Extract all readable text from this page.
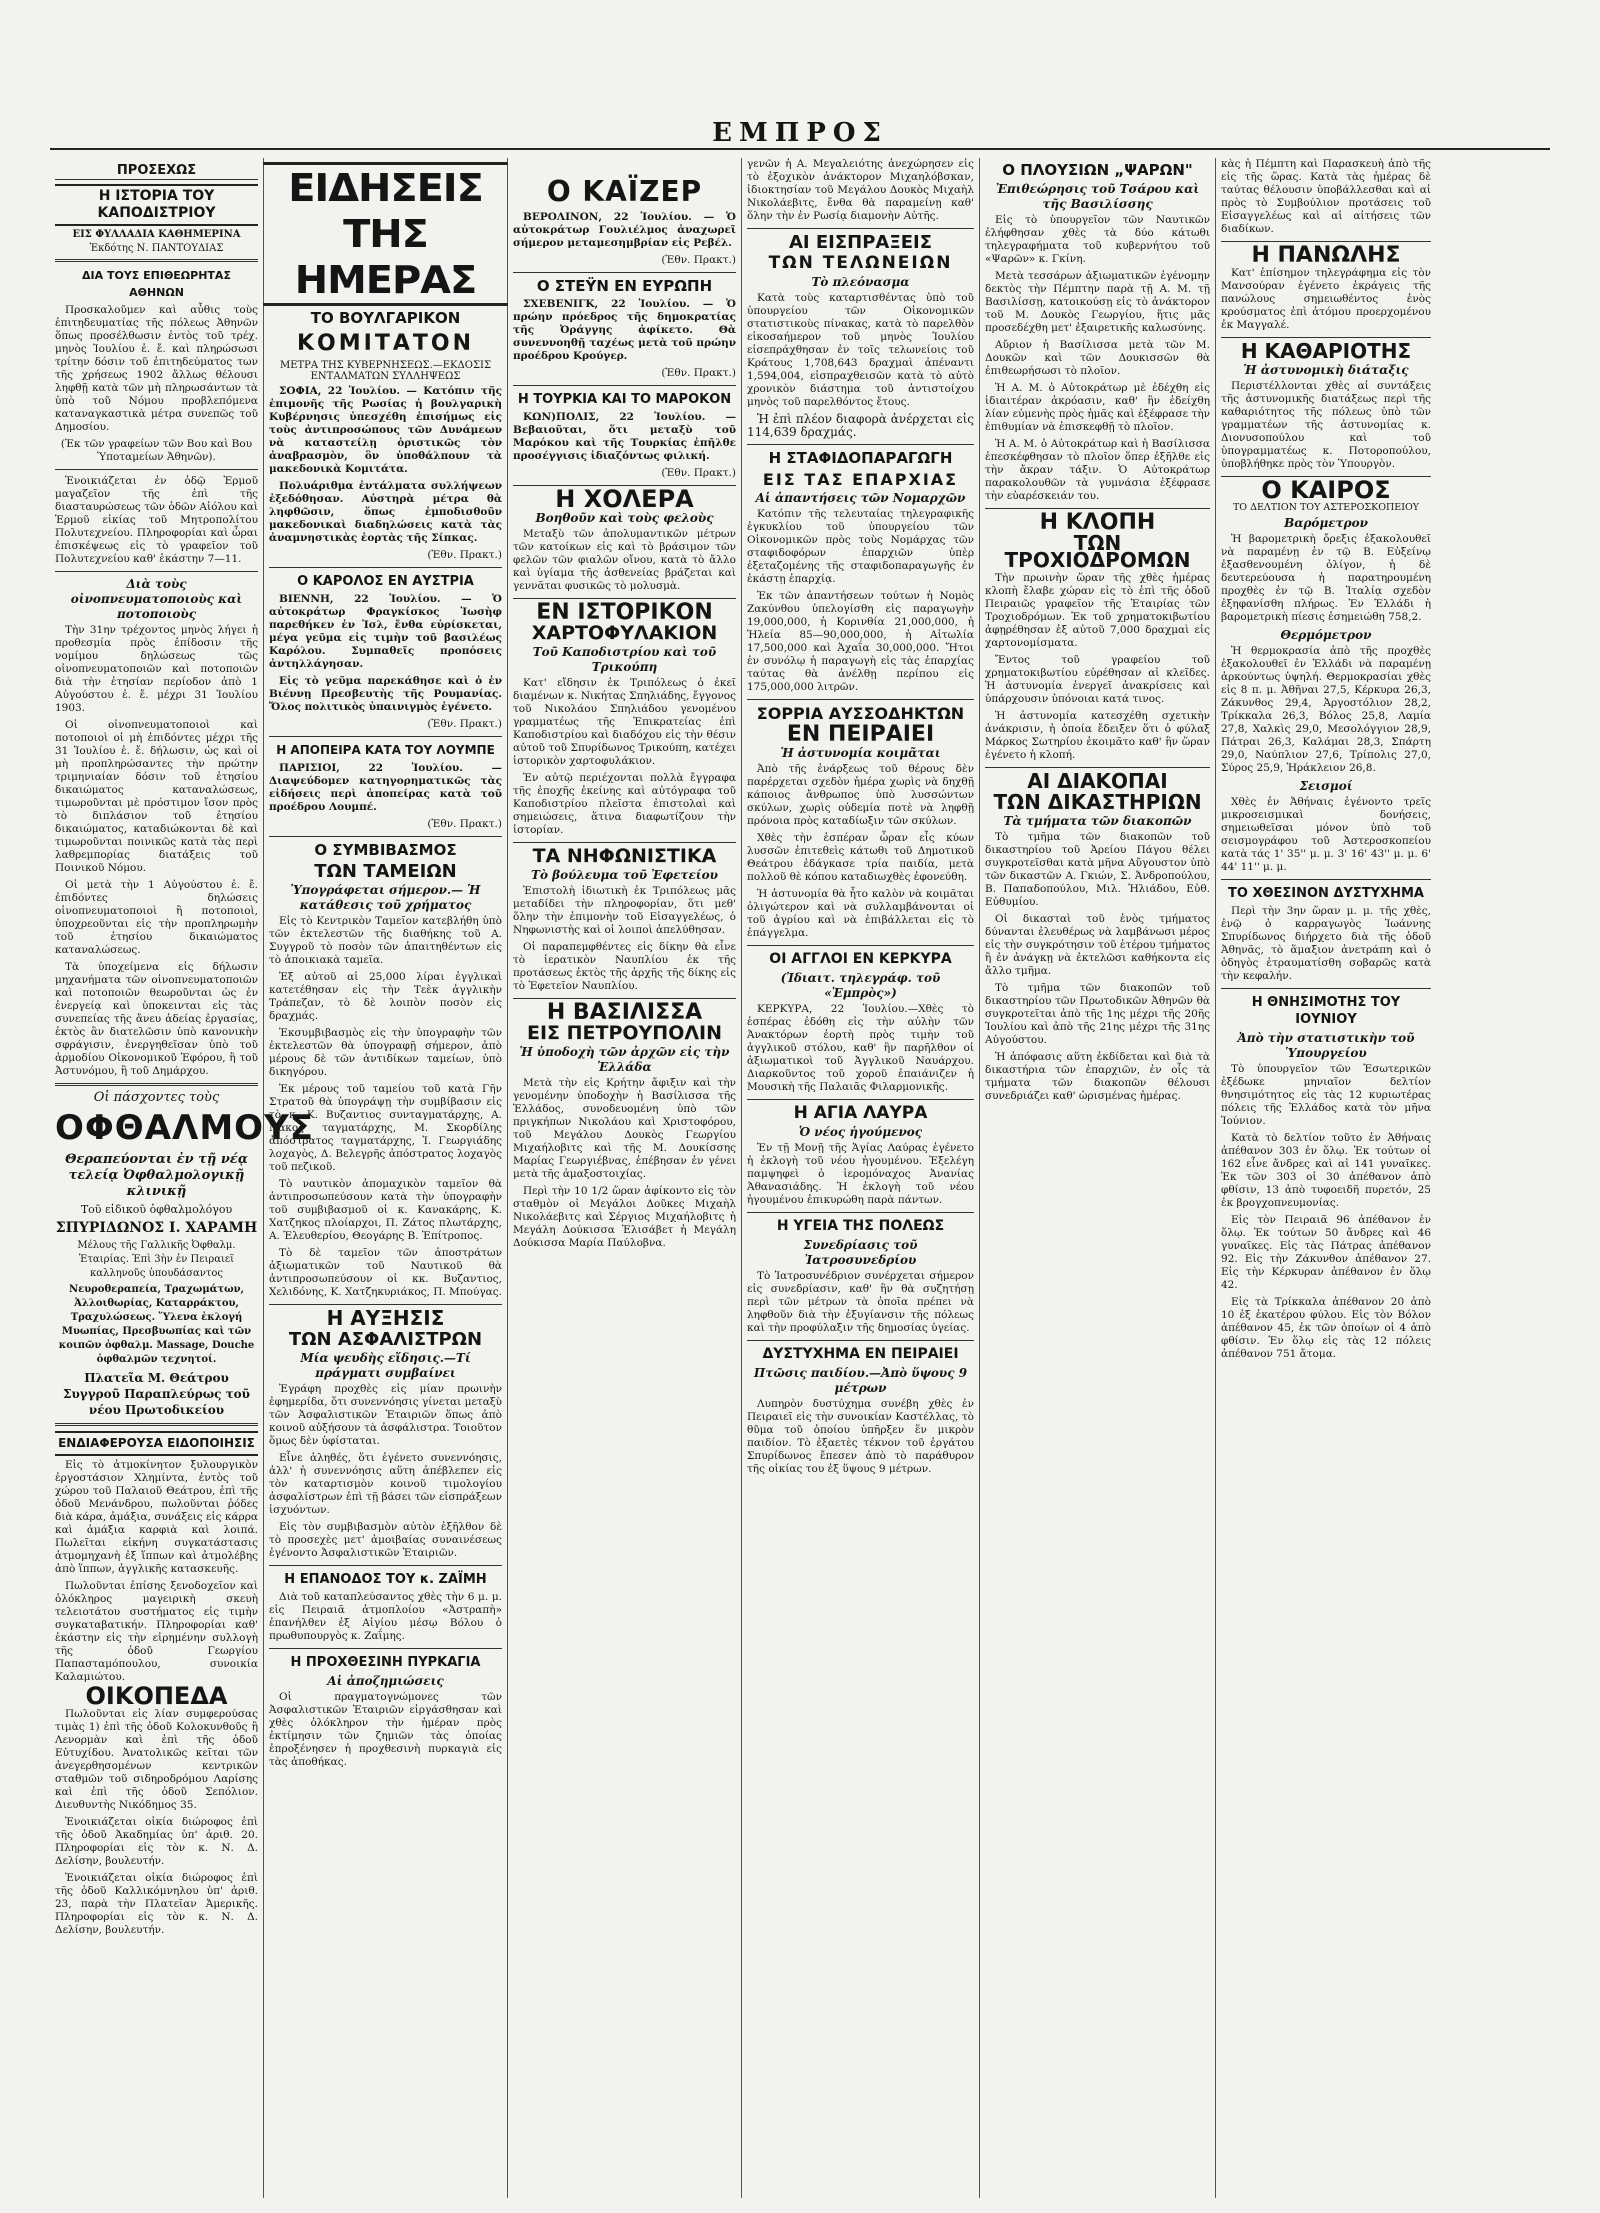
ΕΜΠΡΟΣ
ΠΡΟΣΕΧΩΣ
Η ΙΣΤΟΡΙΑ ΤΟΥ ΚΑΠΟΔΙΣΤΡΙΟΥ
ΕΙΣ ΦΥΛΛΑΔΙΑ ΚΑΘΗΜΕΡΙΝΑ
Ἐκδότης Ν. ΠΑΝΤΟΥΔΙΑΣ
ΔΙΑ ΤΟΥΣ ΕΠΙΘΕΩΡΗΤΑΣ ΑΘΗΝΩΝ

Προσκαλοῦμεν καὶ αὖθις τοὺς ἐπιτηδευματίας τῆς πόλεως Ἀθηνῶν ὅπως προσέλθωσιν ἐντὸς τοῦ τρέχ. μηνὸς Ἰουλίου ἐ. ἔ. καὶ πληρώσωσι τρίτην δόσιν τοῦ ἐπιτηδεύματος των τῆς χρήσεως 1902 ἄλλως θέλουσι ληφθῇ κατὰ τῶν μὴ πληρωσάντων τὰ ὑπὸ τοῦ Νόμου προβλεπόμενα καταναγκαστικὰ μέτρα συνεπῶς τοῦ Δημοσίου.

(Ἐκ τῶν γραφείων τῶν Βου καὶ Βου Ὑποταμείων Ἀθηνῶν).

Ἐνοικιάζεται ἐν ὁδῷ Ἑρμοῦ μαγαζεῖον τῆς ἐπὶ τῆς διασταυρώσεως τῶν ὁδῶν Αἰόλου καὶ Ἑρμοῦ εἰκίας τοῦ Μητροπολίτου Πολυτεχνείου. Πληροφορίαι καὶ ὧραι ἐπισκέψεως εἰς τὸ γραφεῖον τοῦ Πολυτεχνείου καθ' ἑκάστην 7—11.

Διὰ τοὺς οἰνοπνευματοποιοὺς καὶ ποτοποιοὺς

Τὴν 31ην τρέχοντος μηνὸς λήγει ἡ προθεσμία πρὸς ἐπίδοσιν τῆς νομίμου δηλώσεως τῶς οἰνοπνευματοποιῶν καὶ ποτοποιῶν διὰ τὴν ἐτησίαν περίοδον ἀπὸ 1 Αὐγούστου ἐ. ἔ. μέχρι 31 Ἰουλίου 1903.

Οἱ οἰνοπνευματοποιοὶ καὶ ποτοποιοὶ οἱ μὴ ἐπιδόντες μέχρι τῆς 31 Ἰουλίου ἐ. ἔ. δήλωσιν, ὡς καὶ οἱ μὴ προπληρώσαντες τὴν πρώτην τριμηνιαίαν δόσιν τοῦ ἐτησίου δικαιώματος καταναλώσεως, τιμωροῦνται μὲ πρόστιμον ἴσον πρὸς τὸ διπλάσιον τοῦ ἐτησίου δικαιώματος, καταδιώκονται δὲ καὶ τιμωροῦνται ποινικῶς κατὰ τὰς περὶ λαθρεμπορίας διατάξεις τοῦ Ποινικοῦ Νόμου.

Οἱ μετὰ τὴν 1 Αὐγούστου ἐ. ἔ. ἐπιδόντες δηλώσεις οἰνοπνευματοποιοὶ ἢ ποτοποιοὶ, ὑποχρεοῦνται εἰς τὴν προπληρωμὴν τοῦ ἐτησίου δικαιώματος καταναλώσεως.

Τὰ ὑποχείμενα εἰς δήλωσιν μηχανήματα τῶν οἰνοπνευματοποιῶν καὶ ποτοποιῶν θεωροῦνται ὡς ἐν ἐνεργείᾳ καὶ ὑποκεινται εἰς τὰς συνεπείας τῆς ἄνευ ἀδείας ἐργασίας, ἐκτὸς ἂν διατελῶσιν ὑπὸ κανονικὴν σφράγισιν, ἐνεργηθεῖσαν ὑπὸ τοῦ ἁρμοδίου Οἰκονομικοῦ Ἐφόρου, ἢ τοῦ Ἀστυνόμου, ἢ τοῦ Δημάρχου.

Οἱ πάσχοντες τοὺς
ΟΦΘΑΛΜΟΥΣ
Θεραπεύονται ἐν τῇ νέᾳ τελείᾳ Ὀφθαλμολογικῇ κλινικῇ
Τοῦ εἰδικοῦ ὀφθαλμολόγου
ΣΠΥΡΙΔΩΝΟΣ Ι. ΧΑΡΑΜΗ
Μέλους τῆς Γαλλικῆς Ὀφθαλμ. Ἑταιρίας. Ἐπὶ 3ὴν ἐν Πειραιεῖ καλληνοῦς ὑπουδάσαντος
Νευροθεραπεία, Τραχωμάτων, Ἀλλοιθωρίας, Καταρράκτου, Τραχυλώσεως. Ὕλενα ἐκλογή Μυωπίας, Πρεσβυωπίας καὶ τῶν κοιπῶν ὀφθαλμ. Massage, Douche ὀφθαλμῶν τεχνητοί.
Πλατεῖα Μ. Θεάτρου Συγγροῦ Παραπλεύρως τοῦ νέου Πρωτοδικείου
ΕΝΔΙΑΦΕΡΟΥΣΑ ΕΙΔΟΠΟΙΗΣΙΣ

Εἰς τὸ ἀτμοκίνητον ξυλουργικὸν ἐργοστάσιον Χλημίντα, ἐντὸς τοῦ χώρου τοῦ Παλαιοῦ Θεάτρου, ἐπὶ τῆς ὁδοῦ Μενάνδρου, πωλοῦνται ῥόδες διὰ κάρα, ἀμάξια, συνάξεις εἰς κάρρα καὶ ἀμάξια καρφιὰ καὶ λοιπά. Πωλεῖται εἰκήνη συγκατάστασις ἀτμομηχανὴ ἐξ ἵππων καὶ ἀτμολέβης ἀπὸ ἵππων, ἀγγλικῆς κατασκευῆς.

Πωλοῦνται ἐπίσης ξενοδοχεῖον καὶ ὁλόκληρος μαγειρικὴ σκευὴ τελειοτάτου συστήματος εἰς τιμὴν συγκαταβατικήν. Πληροφορίαι καθ' ἑκάστην εἰς τὴν εἰρημένην συλλογὴ τῆς ὁδοῦ Γεωργίου Παπασταμόπουλου, συνοικία Καλαμιώτου.

ΟΙΚΟΠΕΔΑ

Πωλοῦνται εἰς λίαν συμφερούσας τιμὰς 1) ἐπὶ τῆς ὁδοῦ Κολοκυνθοῦς ἢ Λενορμὰν καὶ ἐπὶ τῆς ὁδοῦ Εὐτυχίδου. Ἀνατολικῶς κεῖται τῶν ἀνεγερθησομένων κεντρικῶν σταθμῶν τοῦ σιδηροδρόμου Λαρίσης καὶ ἐπὶ τῆς ὁδοῦ Σεπόλιον. Διευθυντὴς Νικόδημος 35.

Ἐνοικιάζεται οἰκία διώροφος ἐπὶ τῆς ὁδοῦ Ἀκαδημίας ὑπ' ἀριθ. 20. Πληροφορίαι εἰς τὸν κ. Ν. Δ. Δελίσην, βουλευτήν.

Ἐνοικιάζεται οἰκία διώροφος ἐπὶ τῆς ὁδοῦ Καλλικόμνηλου ὑπ' ἀριθ. 23, παρὰ τὴν Πλατεῖαν Ἀμερικῆς. Πληροφορίαι εἰς τὸν κ. Ν. Δ. Δελίσην, βουλευτήν.

ΕΙΔΗΣΕΙΣ ΤΗΣ ΗΜΕΡΑΣ
ΤΟ ΒΟΥΛΓΑΡΙΚΟΝ
ΚΟΜΙΤΑΤΟΝ
ΜΕΤΡΑ ΤΗΣ ΚΥΒΕΡΝΗΣΕΩΣ.—ΕΚΔΟΣΙΣ ΕΝΤΑΛΜΑΤΩΝ ΣΥΛΛΗΨΕΩΣ

ΣΟΦΙΑ, 22 Ἰουλίου. — Κατόπιν τῆς ἐπιμονῆς τῆς Ρωσίας ἡ βουλγαρικὴ Κυβέρνησις ὑπεσχέθη ἐπισήμως εἰς τοὺς ἀντιπροσώπους τῶν Δυνάμεων νὰ καταστείλῃ ὁριστικῶς τὸν ἀναβρασμὸν, ὃν ὑποθάλπουν τὰ μακεδονικὰ Κομιτάτα.

Πολυάριθμα ἐντάλματα συλλήψεων ἐξεδόθησαν. Αὐστηρὰ μέτρα θὰ ληφθῶσιν, ὅπως ἐμποδισθοῦν μακεδονικαὶ διαδηλώσεις κατὰ τὰς ἀναμνηστικὰς ἑορτὰς τῆς Σίπκας.

(Ἐθν. Πρακτ.)

Ο ΚΑΡΟΛΟΣ ΕΝ ΑΥΣΤΡΙΑ

ΒΙΕΝΝΗ, 22 Ἰουλίου. — Ὁ αὐτοκράτωρ Φραγκίσκος Ἰωσὴφ παρεθήκεν ἐν Ἰσλ, ἔνθα εὑρίσκεται, μέγα γεῦμα εἰς τιμὴν τοῦ βασιλέως Καρόλου. Συμπαθεῖς προπόσεις ἀντηλλάγησαν.

Εἰς τὸ γεῦμα παρεκάθησε καὶ ὁ ἐν Βιέννῃ Πρεσβευτὴς τῆς Ρουμανίας. Ὅλος πολιτικὸς ὑπαινιγμὸς ἐγένετο.

(Ἐθν. Πρακτ.)

Η ΑΠΟΠΕΙΡΑ ΚΑΤΑ ΤΟΥ ΛΟΥΜΠΕ

ΠΑΡΙΣΙΟΙ, 22 Ἰουλίου. —Διαψεύδομεν κατηγορηματικῶς τὰς εἰδήσεις περὶ ἀποπείρας κατὰ τοῦ προέδρου Λουμπέ.

(Ἐθν. Πρακτ.)

Ο ΣΥΜΒΙΒΑΣΜΟΣ
ΤΩΝ ΤΑΜΕΙΩΝ
Ὑπογράφεται σήμερον.— Ἡ κατάθεσις τοῦ χρήματος

Εἰς τὸ Κεντρικὸν Ταμεῖον κατεβλήθη ὑπὸ τῶν ἐκτελεστῶν τῆς διαθήκης τοῦ Α. Συγγροῦ τὸ ποσὸν τῶν ἀπαιτηθέντων εἰς τὸ ἀποικιακὰ ταμεῖα.

Ἐξ αὐτοῦ αἱ 25,000 λίραι ἐγγλικαὶ κατετέθησαν εἰς τὴν Τεὲκ ἀγγλικὴν Τράπεζαν, τὸ δὲ λοιπὸν ποσὸν εἰς δραχμάς.

Ἐκσυμβιβασμὸς εἰς τὴν ὑπογραφὴν τῶν ἐκτελεστῶν θὰ ὑπογραφῇ σήμερον, ἀπὸ μέρους δὲ τῶν ἀντιδίκων ταμείων, ὑπὸ δικηγόρου.

Ἐκ μέρους τοῦ ταμείου τοῦ κατὰ Γῆν Στρατοῦ θὰ ὑπογράψῃ τὴν συμβίβασιν εἰς τὸ κ. Κ. Βυζαντιος συνταγματάρχης, Α. Νάκος ταγματάρχης, Μ. Σκορδίλης ἀπόστρατος ταγματάρχης, Ἰ. Γεωργιάδης λοχαγὸς, Δ. Βελεγρῆς ἀπόστρατος λοχαγὸς τοῦ πεζικοῦ.

Τὸ ναυτικὸν ἀπομαχικὸν ταμεῖον θὰ ἀντιπροσωπεύσουν κατὰ τὴν ὑπογραφὴν τοῦ συμβιβασμοῦ οἱ κ. Κανακάρης, Κ. Χατζηκος πλοίαρχοι, Π. Ζάτος πλωτάρχης, Α. Ἐλευθερίου, Θεογάρης Β. Ἐπίτροπος.

Τὸ δὲ ταμεῖον τῶν ἀποστράτων ἀξιωματικῶν τοῦ Ναυτικοῦ θὰ ἀντιπροσωπεύσουν οἱ κκ. Βυζαντιος, Χελιδόνης, Κ. Χατζηκυριάκος, Π. Μπούγας.

Η ΑΥΞΗΣΙΣ
ΤΩΝ ΑΣΦΑΛΙΣΤΡΩΝ
Μία ψευδὴς εἴδησις.—Τί πράγματι συμβαίνει

Ἐγράφη προχθὲς εἰς μίαν πρωινὴν ἐφημερίδα, ὅτι συνεννόησις γίνεται μεταξὺ τῶν Ἀσφαλιστικῶν Ἑταιριῶν ὅπως ἀπὸ κοινοῦ αὐξήσουν τὰ ἀσφάλιστρα. Τοιοῦτον ὅμως δὲν ὑφίσταται.

Εἶνε ἀληθές, ὅτι ἐγένετο συνεννόησις, ἀλλ' ἡ συνεννόησις αὕτη ἀπέβλεπεν εἰς τὸν καταρτισμὸν κοινοῦ τιμολογίου ἀσφαλίστρων ἐπὶ τῇ βάσει τῶν εἰσπράξεων ἰσχυόντων.

Εἰς τὸν συμβιβασμὸν αὐτὸν ἐξῆλθον δὲ τὸ προσεχὲς μετ' ἀμοιβαίας συναινέσεως ἐγένοντο Ἀσφαλιστικῶν Ἑταιριῶν.

Η ΕΠΑΝΟΔΟΣ ΤΟΥ κ. ΖΑΪΜΗ

Διὰ τοῦ καταπλεύσαντος χθὲς τὴν 6 μ. μ. εἰς Πειραιᾶ ἀτμοπλοίου «Ἀστραπὴ» ἐπανήλθεν ἐξ Αἰγίου μέσῳ Βόλου ὁ πρωθυπουργὸς κ. Ζαΐμης.

Η ΠΡΟΧΘΕΣΙΝΗ ΠΥΡΚΑΓΙΑ
Αἱ ἀποζημιώσεις

Οἱ πραγματογνώμονες τῶν Ἀσφαλιστικῶν Ἑταιριῶν εἰργάσθησαν καὶ χθὲς ὁλόκληρον τὴν ἡμέραν πρὸς ἐκτίμησιν τῶν ζημιῶν τὰς ὁποίας ἐπροξένησεν ἡ προχθεσινὴ πυρκαγιὰ εἰς τὰς ἀποθήκας.

Ο ΚΑΪΖΕΡ

ΒΕΡΟΛΙΝΟΝ, 22 Ἰουλίου. — Ὁ αὐτοκράτωρ Γουλιέλμος ἀναχωρεῖ σήμερον μεταμεσημβρίαν εἰς Ρεβέλ.

(Ἐθν. Πρακτ.)

Ο ΣΤΕΫΝ ΕΝ ΕΥΡΩΠΗ

ΣΧΕΒΕΝΙΓΚ, 22 Ἰουλίου. — Ὁ πρώην πρόεδρος τῆς δημοκρατίας τῆς Ὀράγγης ἀφίκετο. Θὰ συνεννοηθῇ ταχέως μετὰ τοῦ πρώην προέδρου Κρούγερ.

(Ἐθν. Πρακτ.)

Η ΤΟΥΡΚΙΑ ΚΑΙ ΤΟ ΜΑΡΟΚΟΝ

ΚΩΝ)ΠΟΛΙΣ, 22 Ἰουλίου. — Βεβαιοῦται, ὅτι μεταξὺ τοῦ Μαρόκου καὶ τῆς Τουρκίας ἐπῆλθε προσέγγισις ἰδιαζόντως φιλική.

(Ἐθν. Πρακτ.)

Η ΧΟΛΕΡΑ
Βοηθοῦν καὶ τοὺς φελοὺς

Μεταξὺ τῶν ἀπολυμαντικῶν μέτρων τῶν κατοίκων εἰς καὶ τὸ βράσιμον τῶν φελῶν τῶν φιαλῶν οἴνου, κατὰ τὸ ἄλλο καὶ ὑγίαμα τῆς ἀσθενείας βράζεται καὶ γεννᾶται φυσικῶς τὸ μολυσμὰ.

ΕΝ ΙΣΤΟΡΙΚΟΝ
ΧΑΡΤΟΦΥΛΑΚΙΟΝ
Τοῦ Καποδιστρίου καὶ τοῦ Τρικούπη

Κατ' εἴδησιν ἐκ Τριπόλεως ὁ ἐκεῖ διαμένων κ. Νικήτας Σπηλιάδης, ἔγγονος τοῦ Νικολάου Σπηλιάδου γενομένου γραμματέως τῆς Ἐπικρατείας ἐπὶ Καποδιστρίου καὶ διαδόχου εἰς τὴν θέσιν αὐτοῦ τοῦ Σπυρίδωνος Τρικούπη, κατέχει ἱστορικὸν χαρτοφυλάκιον.

Ἐν αὐτῷ περιέχονται πολλὰ ἔγγραφα τῆς ἐποχῆς ἐκείνης καὶ αὐτόγραφα τοῦ Καποδιστρίου πλεῖστα ἐπιστολαὶ καὶ σημειώσεις, ἅτινα διαφωτίζουν τὴν ἱστορίαν.

ΤΑ ΝΗΦΩΝΙΣΤΙΚΑ
Τὸ βούλευμα τοῦ Ἐφετείου

Ἐπιστολὴ ἰδιωτικὴ ἐκ Τριπόλεως μᾶς μεταδίδει τὴν πληροφορίαν, ὅτι μεθ' ὅλην τὴν ἐπιμονὴν τοῦ Εἰσαγγελέως, ὁ Νηφωνιστὴς καὶ οἱ λοιποὶ ἀπελύθησαν.

Οἱ παραπεμφθέντες εἰς δίκην θὰ εἶνε τὸ ἱερατικὸν Ναυπλίου ἐκ τῆς προτάσεως ἐκτὸς τῆς ἀρχῆς τῆς δίκης εἰς τὸ Ἐφετεῖον Ναυπλίου.

Η ΒΑΣΙΛΙΣΣΑ
ΕΙΣ ΠΕΤΡΟΥΠΟΛΙΝ
Ἡ ὑποδοχὴ τῶν ἀρχῶν εἰς τὴν Ἑλλάδα

Μετὰ τὴν εἰς Κρήτην ἄφιξιν καὶ τὴν γενομένην ὑποδοχὴν ἡ Βασίλισσα τῆς Ἑλλάδος, συνοδευομένη ὑπὸ τῶν πριγκήπων Νικολάου καὶ Χριστοφόρου, τοῦ Μεγάλου Δουκὸς Γεωργίου Μιχαήλοβιτς καὶ τῆς Μ. Δουκίσσης Μαρίας Γεωργιέβνας, ἐπέβησαν ἐν γένει μετὰ τῆς ἀμαξοστοιχίας.

Περὶ τὴν 10 1/2 ὥραν ἀφίκοντο εἰς τὸν σταθμὸν οἱ Μεγάλοι Δοῦκες Μιχαὴλ Νικολάεβιτς καὶ Σέργιος Μιχαήλοβιτς ἡ Μεγάλη Δούκισσα Ἐλισάβετ ἡ Μεγάλη Δούκισσα Μαρία Παύλοβνα.

γενῶν ἡ Α. Μεγαλειότης ἀνεχώρησεν εἰς τὸ ἐξοχικὸν ἀνάκτορον Μιχαηλόβσκαν, ἰδιοκτησίαν τοῦ Μεγάλου Δουκὸς Μιχαὴλ Νικολάεβιτς, ἔνθα θὰ παραμείνῃ καθ' ὅλην τὴν ἐν Ρωσίᾳ διαμονὴν Αὐτῆς.

ΑΙ ΕΙΣΠΡΑΞΕΙΣ
ΤΩΝ ΤΕΛΩΝΕΙΩΝ
Τὸ πλεόνασμα

Κατὰ τοὺς καταρτισθέντας ὑπὸ τοῦ ὑπουργείου τῶν Οἰκονομικῶν στατιστικοὺς πίνακας, κατὰ τὸ παρελθὸν εἰκοσαήμερον τοῦ μηνὸς Ἰουλίου εἰσεπράχθησαν ἐν τοῖς τελωνείοις τοῦ Κράτους 1,708,643 δραχμαὶ ἀπέναντι 1,594,004, εἰσπραχθεισῶν κατὰ τὸ αὐτὸ χρονικὸν διάστημα τοῦ ἀντιστοίχου μηνὸς τοῦ παρελθόντος ἔτους.

Ἡ ἐπὶ πλέον διαφορὰ ἀνέρχεται εἰς 114,639 δραχμάς.

Η ΣΤΑΦΙΔΟΠΑΡΑΓΩΓΗ
ΕΙΣ ΤΑΣ ΕΠΑΡΧΙΑΣ
Αἱ ἀπαντήσεις τῶν Νομαρχῶν

Κατόπιν τῆς τελευταίας τηλεγραφικῆς ἐγκυκλίου τοῦ ὑπουργείου τῶν Οἰκονομικῶν πρὸς τοὺς Νομάρχας τῶν σταφιδοφόρων ἐπαρχιῶν ὑπὲρ ἐξεταζομένης τῆς σταφιδοπαραγωγῆς ἐν ἑκάστῃ ἐπαρχίᾳ.

Ἐκ τῶν ἀπαντήσεων τούτων ἡ Νομὸς Ζακύνθου ὑπελογίσθη εἰς παραγωγὴν 19,000,000, ἡ Κορινθία 21,000,000, ἡ Ἠλεία 85—90,000,000, ἡ Αἰτωλία 17,500,000 καὶ Ἀχαΐα 30,000,000. Ἤτοι ἐν συνόλῳ ἡ παραγωγὴ εἰς τὰς ἐπαρχίας ταύτας θὰ ἀνέλθῃ περίπου εἰς 175,000,000 λιτρῶν.

ΣΟΡΡΙΑ ΑΥΣΣΟΔΗΚΤΩΝ
ΕΝ ΠΕΙΡΑΙΕΙ
Ἡ ἀστυνομία κοιμᾶται

Ἀπὸ τῆς ἐνάρξεως τοῦ θέρους δὲν παρέρχεται σχεδὸν ἡμέρα χωρὶς νὰ δηχθῇ κάποιος ἄνθρωπος ὑπὸ λυσσώντων σκύλων, χωρὶς οὐδεμία ποτὲ νὰ ληφθῇ πρόνοια πρὸς καταδίωξιν τῶν σκύλων.

Χθὲς τὴν ἑσπέραν ὧραν εἷς κύων λυσσῶν ἐπιτεθεὶς κάτωθι τοῦ Δημοτικοῦ Θεάτρου ἐδάγκασε τρία παιδία, μετὰ πολλοῦ θὲ κόπου καταδιωχθὲς ἐφονεύθη.

Ἡ ἀστυνομία θὰ ἦτο καλὸν νὰ κοιμᾶται ὀλιγώτερον καὶ νὰ συλλαμβάνονται οἱ τοῦ ἀγρίου καὶ νὰ ἐπιβάλλεται εἰς τὸ ἐπάγγελμα.

ΟΙ ΑΓΓΛΟΙ ΕΝ ΚΕΡΚΥΡΑ
(Ἰδιαιτ. τηλεγράφ. τοῦ «Ἐμπρὸς»)

ΚΕΡΚΥΡΑ, 22 Ἰουλίου.—Χθὲς τὸ ἑσπέρας ἐδόθη εἰς τὴν αὐλὴν τῶν Ἀνακτόρων ἐορτὴ πρὸς τιμὴν τοῦ ἀγγλικοῦ στόλου, καθ' ἣν παρῆλθον οἱ ἀξιωματικοὶ τοῦ Ἀγγλικοῦ Ναυάρχου. Διαρκοῦντος τοῦ χοροῦ ἐπαιάνιζεν ἡ Μουσικὴ τῆς Παλαιᾶς Φιλαρμονικῆς.

Η ΑΓΙΑ ΛΑΥΡΑ
Ὁ νέος ἡγούμενος

Ἐν τῇ Μονῇ τῆς Ἁγίας Λαύρας ἐγένετο ἡ ἐκλογὴ τοῦ νέου ἡγουμένου. Ἐξελέγη παμψηφεὶ ὁ ἱερομόναχος Ἀνανίας Ἀθανασιάδης. Ἡ ἐκλογὴ τοῦ νέου ἡγουμένου ἐπικυρώθη παρὰ πάντων.

Η ΥΓΕΙΑ ΤΗΣ ΠΟΛΕΩΣ
Συνεδρίασις τοῦ Ἰατροσυνεδρίου

Τὸ Ἰατροσυνέδριον συνέρχεται σήμερον εἰς συνεδρίασιν, καθ' ἣν θὰ συζητήσῃ περὶ τῶν μέτρων τὰ ὁποῖα πρέπει νὰ ληφθοῦν διὰ τὴν ἐξυγίανσιν τῆς πόλεως καὶ τὴν προφύλαξιν τῆς δημοσίας ὑγείας.

ΔΥΣΤΥΧΗΜΑ ΕΝ ΠΕΙΡΑΙΕΙ
Πτῶσις παιδίου.—Ἀπὸ ὕψους 9 μέτρων

Λυπηρὸν δυστύχημα συνέβη χθὲς ἐν Πειραιεῖ εἰς τὴν συνοικίαν Καστέλλας, τὸ θῦμα τοῦ ὁποίου ὑπῆρξεν ἕν μικρὸν παιδίον. Τὸ ἐξαετὲς τέκνον τοῦ ἐργάτου Σπυρίδωνος ἔπεσεν ἀπὸ τὸ παράθυρον τῆς οἰκίας του ἐξ ὕψους 9 μέτρων.

Ο ΠΛΟΥΣΙΩΝ „ΨΑΡΩΝ"
Ἐπιθεώρησις τοῦ Τσάρου καὶ τῆς Βασιλίσσης

Εἰς τὸ ὑπουργεῖον τῶν Ναυτικῶν ἐλήφθησαν χθὲς τὰ δύο κάτωθι τηλεγραφήματα τοῦ κυβερνήτου τοῦ «Ψαρῶν» κ. Γκίνη.

Μετὰ τεσσάρων ἀξιωματικῶν ἐγένομην δεκτὸς τὴν Πέμπτην παρὰ τῇ Α. Μ. τῇ Βασιλίσσῃ, κατοικούσῃ εἰς τὸ ἀνάκτορον τοῦ Μ. Δουκὸς Γεωργίου, ἥτις μᾶς προσεδέχθη μετ' ἐξαιρετικῆς καλωσύνης.

Αὔριον ἡ Βασίλισσα μετὰ τῶν Μ. Δουκῶν καὶ τῶν Δουκισσῶν θὰ ἐπιθεωρήσωσι τὸ πλοῖον.

Ἡ Α. Μ. ὁ Αὐτοκράτωρ μὲ ἐδέχθη εἰς ἰδιαιτέραν ἀκρόασιν, καθ' ἣν ἐδείχθη λίαν εὐμενὴς πρὸς ἡμᾶς καὶ ἐξέφρασε τὴν ἐπιθυμίαν νὰ ἐπισκεφθῇ τὸ πλοῖον.

Ἡ Α. Μ. ὁ Αὐτοκράτωρ καὶ ἡ Βασίλισσα ἐπεσκέφθησαν τὸ πλοῖον ὅπερ ἐξῆλθε εἰς τὴν ἄκραν τάξιν. Ὁ Αὐτοκράτωρ παρακολουθῶν τὰ γυμνάσια ἐξέφρασε τὴν εὐαρέσκειάν του.

Η ΚΛΟΠΗ
ΤΩΝ ΤΡΟΧΙΟΔΡΟΜΩΝ

Τὴν πρωινὴν ὥραν τῆς χθὲς ἡμέρας κλοπὴ ἔλαβε χώραν εἰς τὸ ἐπὶ τῆς ὁδοῦ Πειραιῶς γραφεῖον τῆς Ἑταιρίας τῶν Τροχιοδρόμων. Ἐκ τοῦ χρηματοκιβωτίου ἀφῃρέθησαν ἐξ αὐτοῦ 7,000 δραχμαὶ εἰς χαρτονομίσματα.

Ἔντος τοῦ γραφείου τοῦ χρηματοκιβωτίου εὑρέθησαν αἱ κλεῖδες. Ἡ ἀστυνομία ἐνεργεῖ ἀνακρίσεις καὶ ὑπάρχουσιν ὑπόνοιαι κατά τινος.

Ἡ ἀστυνομία κατεσχέθη σχετικὴν ἀνάκρισιν, ἡ ὁποία ἔδειξεν ὅτι ὁ φύλαξ Μάρκος Σωτηρίου ἐκοιμᾶτο καθ' ἣν ὥραν ἐγένετο ἡ κλοπή.

ΑΙ ΔΙΑΚΟΠΑΙ
ΤΩΝ ΔΙΚΑΣΤΗΡΙΩΝ
Τὰ τμήματα τῶν διακοπῶν

Τὸ τμῆμα τῶν διακοπῶν τοῦ δικαστηρίου τοῦ Ἀρείου Πάγου θέλει συγκροτεῖσθαι κατὰ μῆνα Αὔγουστον ὑπὸ τῶν δικαστῶν Α. Γκιών, Σ. Ἀνδροπούλου, Β. Παπαδοπούλου, Μιλ. Ἠλιάδου, Εὐθ. Εὐθυμίου.

Οἱ δικασταὶ τοῦ ἑνὸς τμήματος δύνανται ἐλευθέρως νὰ λαμβάνωσι μέρος εἰς τὴν συγκρότησιν τοῦ ἑτέρου τμήματος ἢ ἐν ἀνάγκῃ νὰ ἐκτελῶσι καθήκοντα εἰς ἄλλο τμῆμα.

Τὸ τμῆμα τῶν διακοπῶν τοῦ δικαστηρίου τῶν Πρωτοδικῶν Ἀθηνῶν θὰ συγκροτεῖται ἀπὸ τῆς 1ης μέχρι τῆς 20ῆς Ἰουλίου καὶ ἀπὸ τῆς 21ης μέχρι τῆς 31ης Αὐγούστου.

Ἡ ἀπόφασις αὕτη ἐκδίδεται καὶ διὰ τὰ δικαστήρια τῶν ἐπαρχιῶν, ἐν οἷς τὰ τμήματα τῶν διακοπῶν θέλουσι συνεδριάζει καθ' ὡρισμένας ἡμέρας.

κὰς ἡ Πέμπτη καὶ Παρασκευὴ ἀπὸ τῆς εἰς τῆς ὥρας. Κατὰ τὰς ἡμέρας δὲ ταύτας θέλουσιν ὑποβάλλεσθαι καὶ αἱ πρὸς τὸ Συμβούλιον προτάσεις τοῦ Εἰσαγγελέως καὶ αἱ αἰτήσεις τῶν διαδίκων.

Η ΠΑΝΩΛΗΣ

Κατ' ἐπίσημον τηλεγράφημα εἰς τὸν Μανσούραν ἐγένετο ἐκράγεις τῆς πανώλους σημειωθέντος ἑνὸς κρούσματος ἐπὶ ἀτόμου προερχομένου ἐκ Μαγγαλέ.

Η ΚΑΘΑΡΙΟΤΗΣ
Ἡ ἀστυνομικὴ διάταξις

Περιστέλλονται χθὲς αἱ συντάξεις τῆς ἀστυνομικῆς διατάξεως περὶ τῆς καθαριότητος τῆς πόλεως ὑπὸ τῶν γραμματέων τῆς ἀστυνομίας κ. Διονυσοπούλου καὶ τοῦ ὑπογραμματέως κ. Ποτοροπούλου, ὑποβλήθηκε πρὸς τὸν Ὑπουργὸν.

Ο ΚΑΙΡΟΣ
ΤΟ ΔΕΛΤΙΟΝ ΤΟΥ ΑΣΤΕΡΟΣΚΟΠΕΙΟΥ
Βαρόμετρον

Ἡ βαρομετρικὴ ὄρεξις ἐξακολουθεῖ νὰ παραμένῃ ἐν τῷ Β. Εὐξείνῳ ἐξασθενουμένη ὀλίγον, ἡ δὲ δευτερεύουσα ἡ παρατηρουμένη προχθὲς ἐν τῷ Β. Ἰταλίᾳ σχεδὸν ἐξηφανίσθη πλήρως. Ἐν Ἑλλάδι ἡ βαρομετρικὴ πίεσις ἐσημειώθη 758,2.

Θερμόμετρον

Ἡ θερμοκρασία ἀπὸ τῆς προχθὲς ἐξακολουθεῖ ἐν Ἑλλάδι νὰ παραμένῃ ἀρκούντως ὑψηλή. Θερμοκρασίαι χθὲς εἰς 8 π. μ. Ἀθῆναι 27,5, Κέρκυρα 26,3, Ζάκυνθος 29,4, Ἀργοστόλιον 28,2, Τρίκκαλα 26,3, Βόλος 25,8, Λαμία 27,8, Χαλκὶς 29,0, Μεσολόγγιον 28,9, Πάτραι 26,3, Καλάμαι 28,3, Σπάρτη 29,0, Ναύπλιον 27,6, Τρίπολις 27,0, Σύρος 25,9, Ἡράκλειον 26,8.

Σεισμοί

Χθὲς ἐν Ἀθήναις ἐγένοντο τρεῖς μικροσεισμικαὶ δονήσεις, σημειωθεῖσαι μόνον ὑπὸ τοῦ σεισμογράφου τοῦ Ἀστεροσκοπείου κατὰ τάς 1' 35'' μ. μ. 3' 16' 43'' μ. μ. 6' 44' 11'' μ. μ.

ΤΟ ΧΘΕΣΙΝΟΝ ΔΥΣΤΥΧΗΜΑ

Περὶ τὴν 3ην ὥραν μ. μ. τῆς χθὲς, ἐνῷ ὁ καρραγωγὸς Ἰωάννης Σπυρίδωνος διήρχετο διὰ τῆς ὁδοῦ Ἀθηνᾶς, τὸ ἅμαξιον ἀνετράπη καὶ ὁ ὁδηγὸς ἐτραυματίσθη σοβαρῶς κατὰ τὴν κεφαλήν.

Η ΘΝΗΣΙΜΟΤΗΣ ΤΟΥ ΙΟΥΝΙΟΥ
Ἀπὸ τὴν στατιστικὴν τοῦ Ὑπουργείου

Τὸ ὑπουργεῖον τῶν Ἐσωτερικῶν ἐξέδωκε μηνιαῖον δελτίον θνησιμότητος εἰς τὰς 12 κυριωτέρας πόλεις τῆς Ἑλλάδος κατὰ τὸν μῆνα Ἰούνιον.

Κατὰ τὸ δελτίον τοῦτο ἐν Ἀθήναις ἀπέθανον 303 ἐν ὅλῳ. Ἐκ τούτων οἱ 162 εἶνε ἄνδρες καὶ αἱ 141 γυναῖκες. Ἐκ τῶν 303 οἱ 30 ἀπέθανον ἀπὸ φθίσιν, 13 ἀπὸ τυφοειδῆ πυρετόν, 25 ἐκ βρογχοπνευμονίας.

Εἰς τὸν Πειραιᾶ 96 ἀπέθανον ἐν ὅλῳ. Ἐκ τούτων 50 ἄνδρες καὶ 46 γυναῖκες. Εἰς τὰς Πάτρας ἀπέθανον 92. Εἰς τὴν Ζάκυνθον ἀπέθανον 27. Εἰς τὴν Κέρκυραν ἀπέθανον ἐν ὅλῳ 42.

Εἰς τὰ Τρίκκαλα ἀπέθανον 20 ἀπὸ 10 ἐξ ἑκατέρου φύλου. Εἰς τὸν Βόλον ἀπέθανον 45, ἐκ τῶν ὁποίων οἱ 4 ἀπὸ φθίσιν. Ἐν ὅλῳ εἰς τὰς 12 πόλεις ἀπέθανον 751 ἄτομα.
